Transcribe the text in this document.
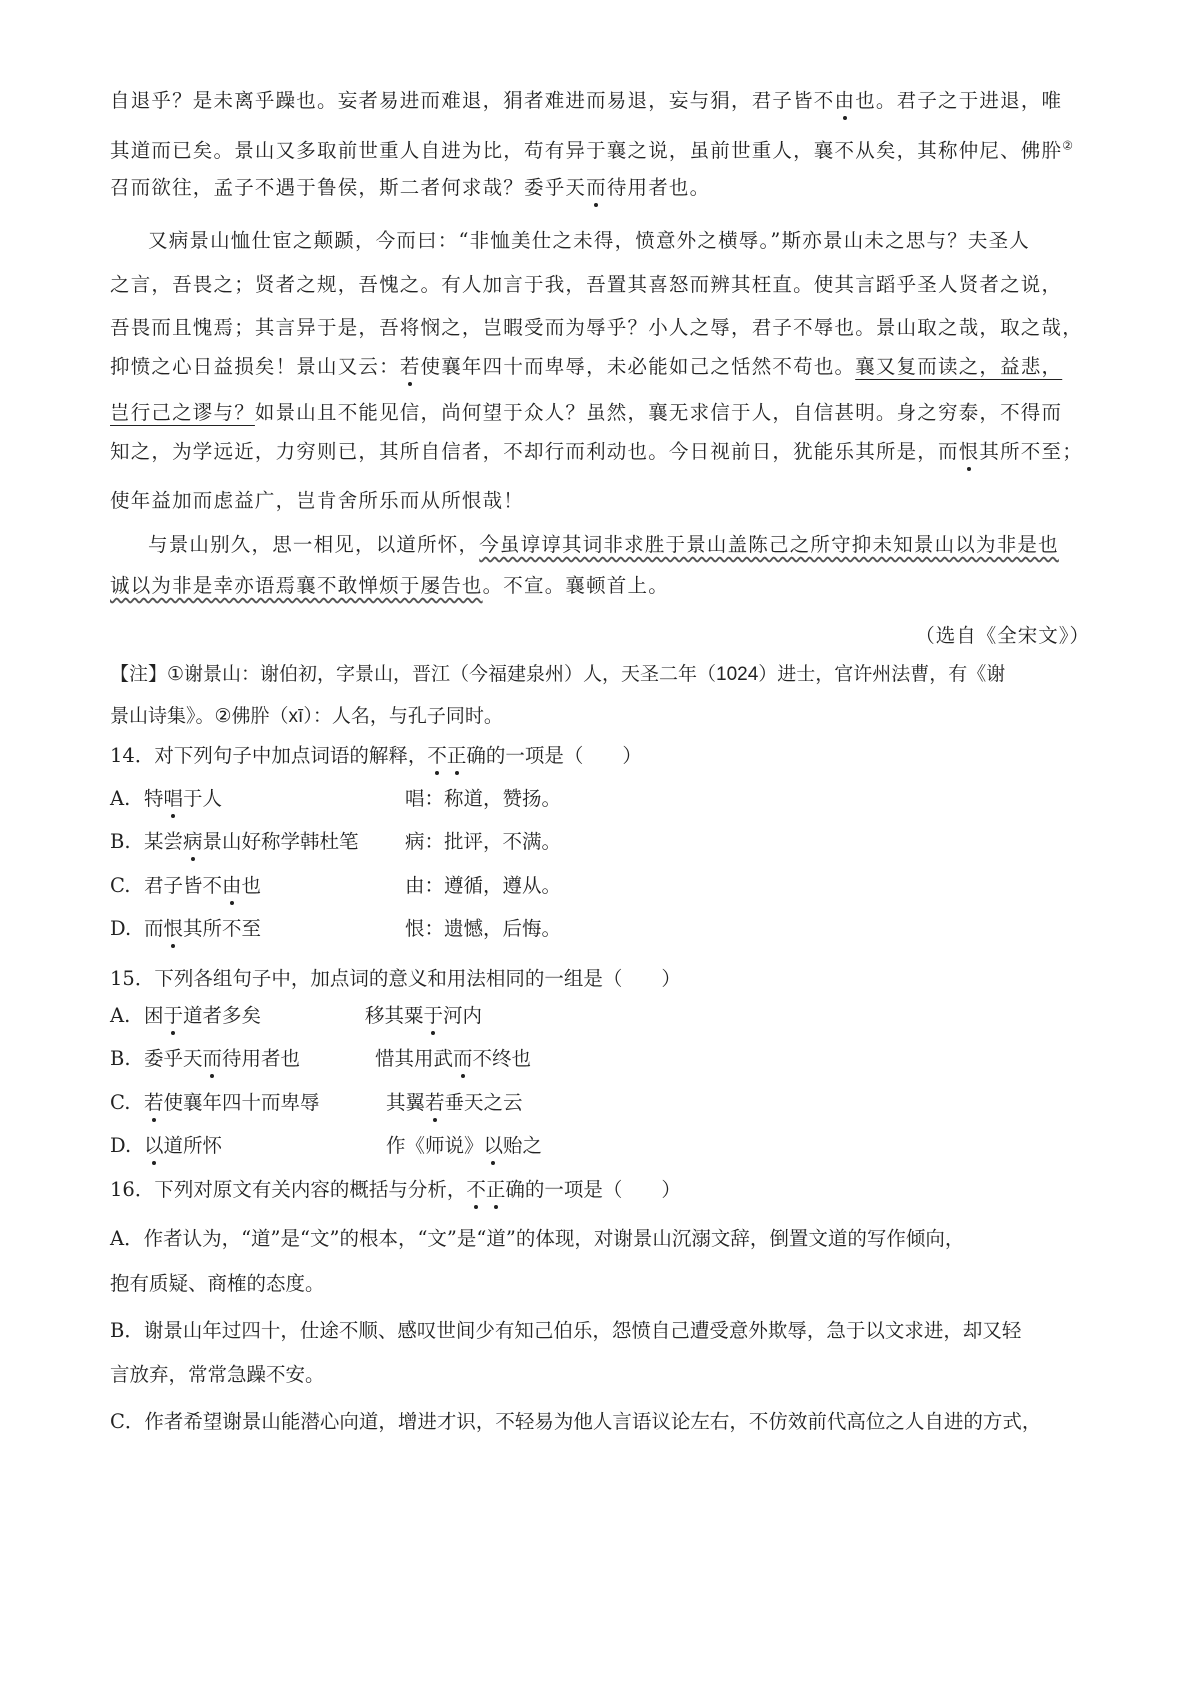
自退乎？是未离乎躁也。妄者易进而难退，狷者难进而易退，妄与狷，君子皆不由也。君子之于进退，唯
其道而已矣。景山又多取前世重人自进为比，苟有异于襄之说，虽前世重人，襄不从矣，其称仲尼、佛肸②
召而欲往，孟子不遇于鲁侯，斯二者何求哉？委乎天而待用者也。
又病景山恤仕宦之颠踬，今而曰：“非恤美仕之未得，愤意外之横辱。”斯亦景山未之思与？夫圣人
之言，吾畏之；贤者之规，吾愧之。有人加言于我，吾置其喜怒而辨其枉直。使其言蹈乎圣人贤者之说，
吾畏而且愧焉；其言异于是，吾将悯之，岂暇受而为辱乎？小人之辱，君子不辱也。景山取之哉，取之哉，
抑愤之心日益损矣！景山又云：若使襄年四十而卑辱，未必能如己之恬然不苟也。襄又复而读之，益悲，
岂行己之谬与？如景山且不能见信，尚何望于众人？虽然，襄无求信于人，自信甚明。身之穷泰，不得而
知之，为学远近，力穷则已，其所自信者，不却行而利动也。今日视前日，犹能乐其所是，而恨其所不至；
使年益加而虑益广，岂肯舍所乐而从所恨哉！
与景山别久，思一相见，以道所怀，今虽谆谆其词非求胜于景山盖陈己之所守抑未知景山以为非是也
诚以为非是幸亦语焉襄不敢惮烦于屡告也。不宣。襄顿首上。
（选自《全宋文》）
【注】①谢景山：谢伯初，字景山，晋江（今福建泉州）人，天圣二年（1024）进士，官许州法曹，有《谢
景山诗集》。②佛肸（xī）：人名，与孔子同时。
14．对下列句子中加点词语的解释，不正确的一项是（　　）
A. 特唱于人	唱：称道，赞扬。
B. 某尝病景山好称学韩杜笔 病：批评，不满。
C. 君子皆不由也	由：遵循，遵从。
D. 而恨其所不至	恨：遗憾，后悔。
15．下列各组句子中，加点词的意义和用法相同的一组是（　　）
A. 困于道者多矣	移其粟于河内
B. 委乎天而待用者也	惜其用武而不终也
C. 若使襄年四十而卑辱	其翼若垂天之云
D. 以道所怀	作《师说》以贻之
16．下列对原文有关内容的概括与分析，不正确的一项是（　　）
A．作者认为，“道”是“文”的根本，“文”是“道”的体现，对谢景山沉溺文辞，倒置文道的写作倾向，
抱有质疑、商榷的态度。
B．谢景山年过四十，仕途不顺、感叹世间少有知己伯乐，怨愤自己遭受意外欺辱，急于以文求进，却又轻
言放弃，常常急躁不安。
C．作者希望谢景山能潜心向道，增进才识，不轻易为他人言语议论左右，不仿效前代高位之人自进的方式，
